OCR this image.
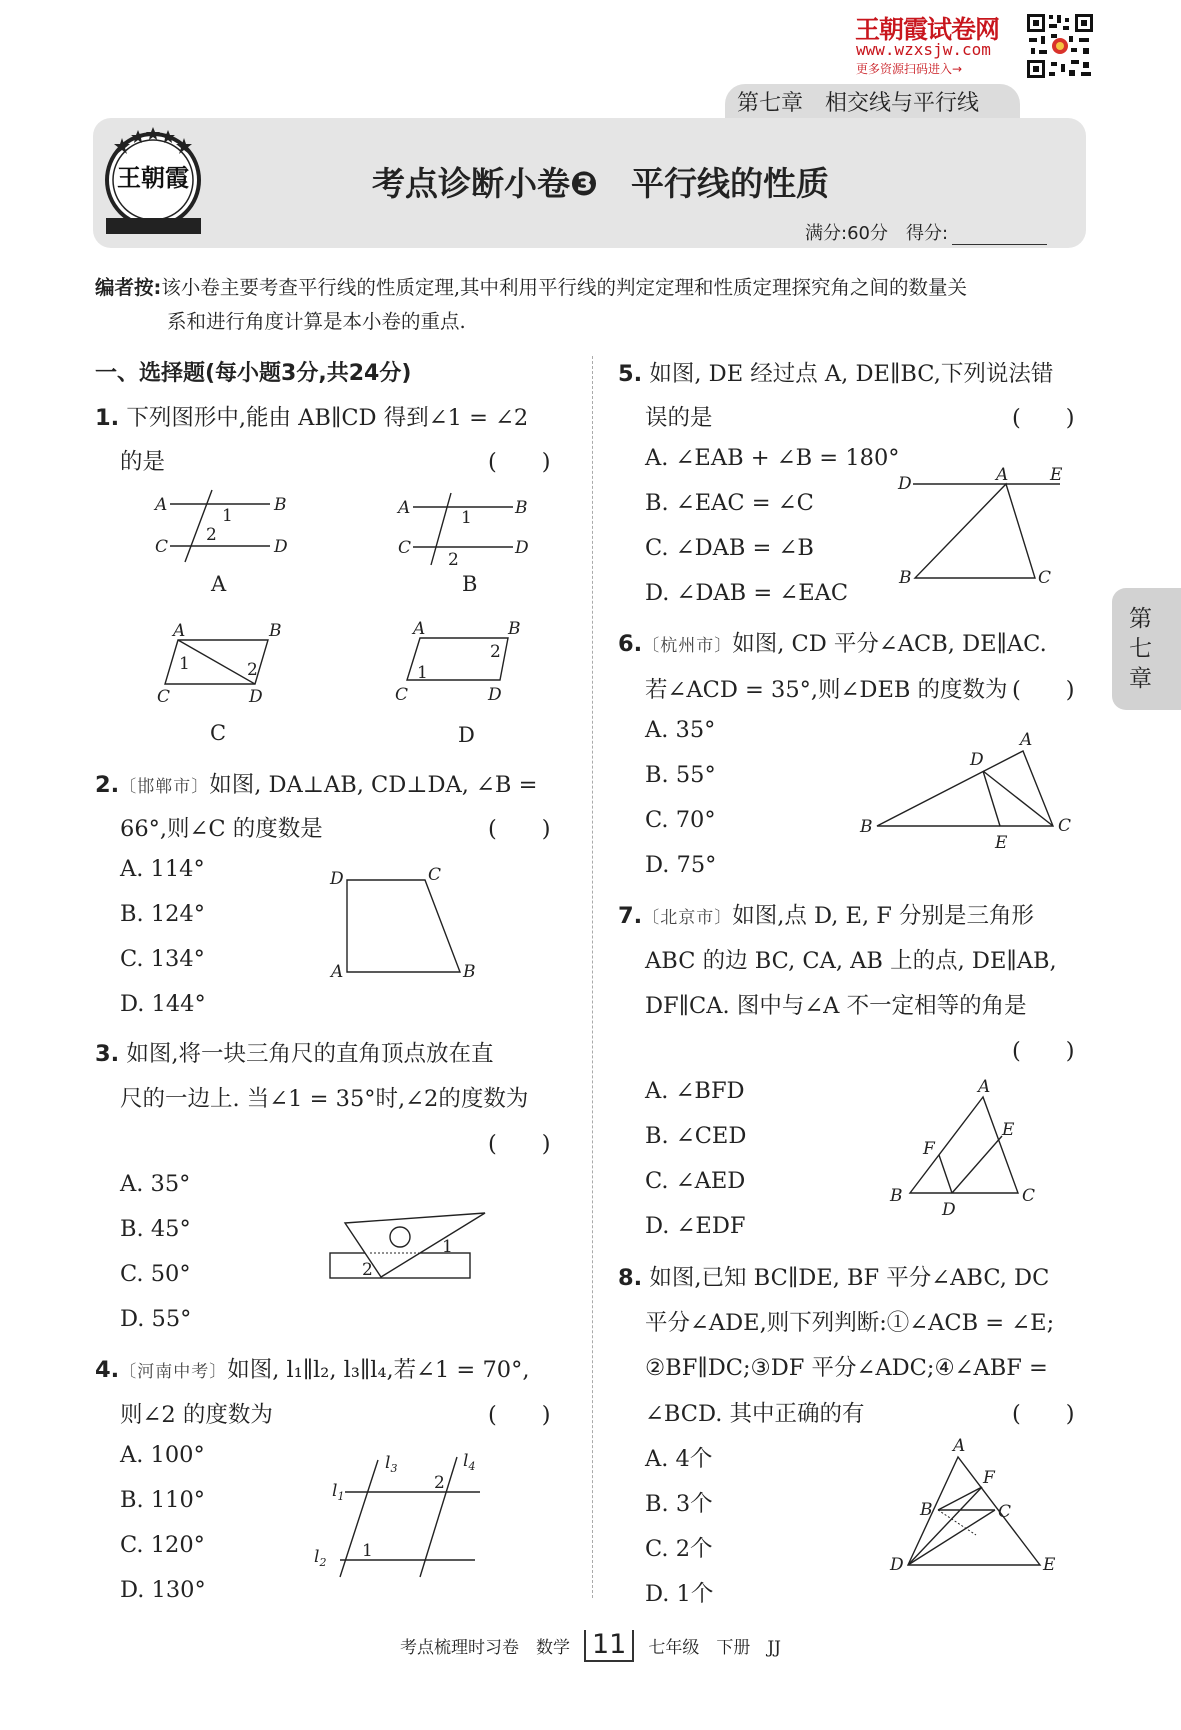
王朝霞试卷网
www.wzxsjw.com
更多资源扫码进入→
第七章　相交线与平行线
王朝霞	考点诊断小卷❸　平行线的性质
满分:60分　得分:
编者按:该小卷主要考查平行线的性质定理,其中利用平行线的判定定理和性质定理探究角之间的数量关
系和进行角度计算是本小卷的重点.
第
七
章
一、选择题(每小题3分,共24分)
1. 下列图形中,能由 AB∥CD 得到∠1 = ∠2
的是	(　　)
A	B
C	D
1
2
A	B
C	D
1
2
A	B
A	B
C	D
1	2
A	B
C	D
1
2
C	D
2.〔邯郸市〕如图, DA⊥AB, CD⊥DA, ∠B =
66°,则∠C 的度数是	(　　)
A. 114°
B. 124°
C. 134°
D. 144°
D	C
A	B
3. 如图,将一块三角尺的直角顶点放在直
尺的一边上. 当∠1 = 35°时,∠2的度数为
(　　)
A. 35°
B. 45°
C. 50°
D. 55°
1
2
4.〔河南中考〕如图, l₁∥l₂, l₃∥l₄,若∠1 = 70°,
则∠2 的度数为	(　　)
A. 100°
B. 110°
C. 120°
D. 130°
$l_3$	$l_4$
$l_1$
$l_2$
1
2
5. 如图, DE 经过点 A, DE∥BC,下列说法错
误的是	(　　)
A. ∠EAB + ∠B = 180°
B. ∠EAC = ∠C
C. ∠DAB = ∠B
D. ∠DAB = ∠EAC
D	A E
B	C
6.〔杭州市〕如图, CD 平分∠ACB, DE∥AC.
若∠ACD = 35°,则∠DEB 的度数为 (　　)
A. 35°
B. 55°
C. 70°
D. 75°
A
D
B	C
E
7.〔北京市〕如图,点 D, E, F 分别是三角形
ABC 的边 BC, CA, AB 上的点, DE∥AB,
DF∥CA. 图中与∠A 不一定相等的角是
(　　)
A. ∠BFD
B. ∠CED
C. ∠AED
D. ∠EDF
A
F
E
B	C
D
8. 如图,已知 BC∥DE, BF 平分∠ABC, DC
平分∠ADE,则下列判断:①∠ACB = ∠E;
②BF∥DC;③DF 平分∠ADC;④∠ABF =
∠BCD. 其中正确的有	(　　)
A. 4个
B. 3个
C. 2个
D. 1个
A
F
B	C
D	E
考点梳理时习卷　数学 11 七年级　下册　JJ
